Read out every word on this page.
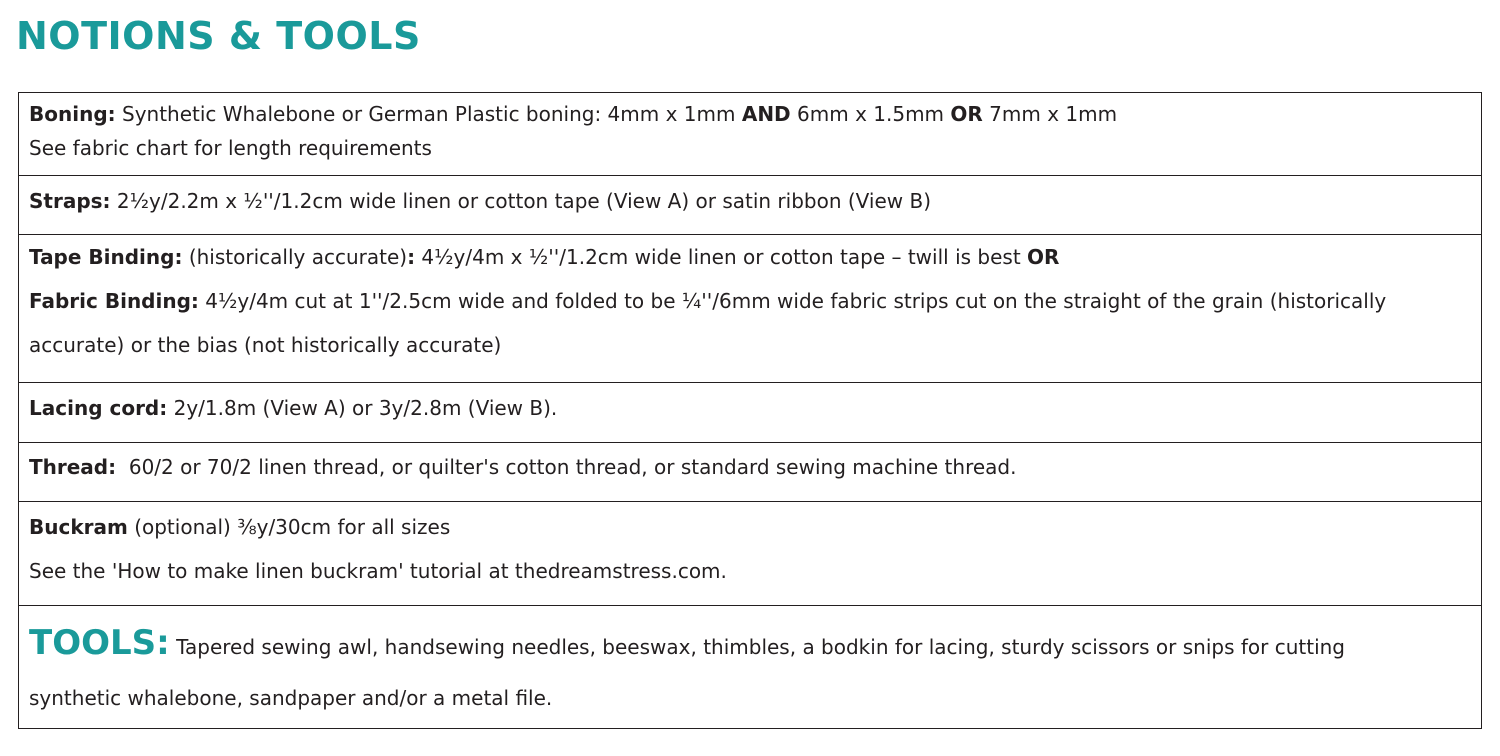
NOTIONS & TOOLS
Boning: Synthetic Whalebone or German Plastic boning: 4mm x 1mm AND 6mm x 1.5mm OR 7mm x 1mm
See fabric chart for length requirements
Straps: 2½y/2.2m x ½''/1.2cm wide linen or cotton tape (View A) or satin ribbon (View B)
Tape Binding: (historically accurate): 4½y/4m x ½''/1.2cm wide linen or cotton tape – twill is best OR
Fabric Binding: 4½y/4m cut at 1''/2.5cm wide and folded to be ¼''/6mm wide fabric strips cut on the straight of the grain (historically
accurate) or the bias (not historically accurate)
Lacing cord: 2y/1.8m (View A) or 3y/2.8m (View B).
Thread:  60/2 or 70/2 linen thread, or quilter's cotton thread, or standard sewing machine thread.
Buckram (optional) ⅜y/30cm for all sizes
See the 'How to make linen buckram' tutorial at thedreamstress.com.
TOOLS: Tapered sewing awl, handsewing needles, beeswax, thimbles, a bodkin for lacing, sturdy scissors or snips for cutting
synthetic whalebone, sandpaper and/or a metal file.
